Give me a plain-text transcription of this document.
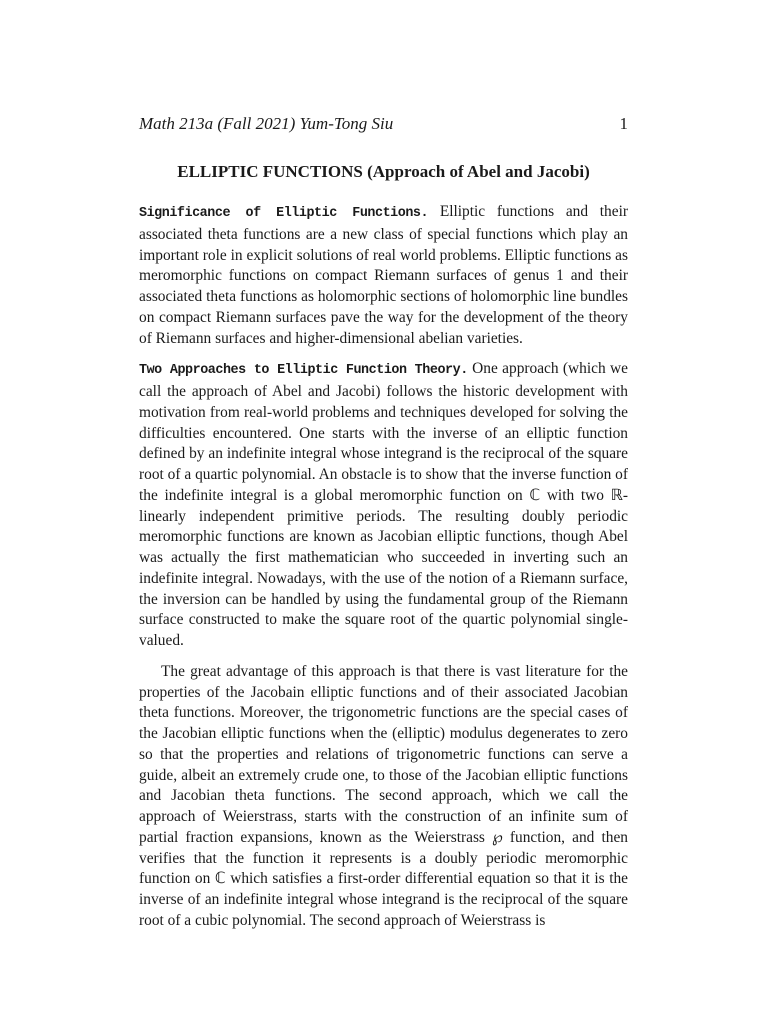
Math 213a (Fall 2021) Yum-Tong Siu	1
ELLIPTIC FUNCTIONS (Approach of Abel and Jacobi)

Significance of Elliptic Functions. Elliptic functions and their associated theta functions are a new class of special functions which play an important role in explicit solutions of real world problems. Elliptic functions as meromorphic functions on compact Riemann surfaces of genus 1 and their associated theta functions as holomorphic sections of holomorphic line bundles on compact Riemann surfaces pave the way for the development of the theory of Riemann surfaces and higher-dimensional abelian varieties.

Two Approaches to Elliptic Function Theory. One approach (which we call the approach of Abel and Jacobi) follows the historic development with motivation from real-world problems and techniques developed for solving the difficulties encountered. One starts with the inverse of an elliptic function defined by an indefinite integral whose integrand is the reciprocal of the square root of a quartic polynomial. An obstacle is to show that the inverse function of the indefinite integral is a global meromorphic function on ℂ with two ℝ-linearly independent primitive periods. The resulting doubly periodic meromorphic functions are known as Jacobian elliptic functions, though Abel was actually the first mathematician who succeeded in inverting such an indefinite integral. Nowadays, with the use of the notion of a Riemann surface, the inversion can be handled by using the fundamental group of the Riemann surface constructed to make the square root of the quartic polynomial single-valued.

The great advantage of this approach is that there is vast literature for the properties of the Jacobain elliptic functions and of their associated Jacobian theta functions. Moreover, the trigonometric functions are the special cases of the Jacobian elliptic functions when the (elliptic) modulus degenerates to zero so that the properties and relations of trigonometric functions can serve a guide, albeit an extremely crude one, to those of the Jacobian elliptic functions and Jacobian theta functions. The second approach, which we call the approach of Weierstrass, starts with the construction of an infinite sum of partial fraction expansions, known as the Weierstrass ℘ function, and then verifies that the function it represents is a doubly periodic meromorphic function on ℂ which satisfies a first-order differential equation so that it is the inverse of an indefinite integral whose integrand is the reciprocal of the square root of a cubic polynomial. The second approach of Weierstrass is
